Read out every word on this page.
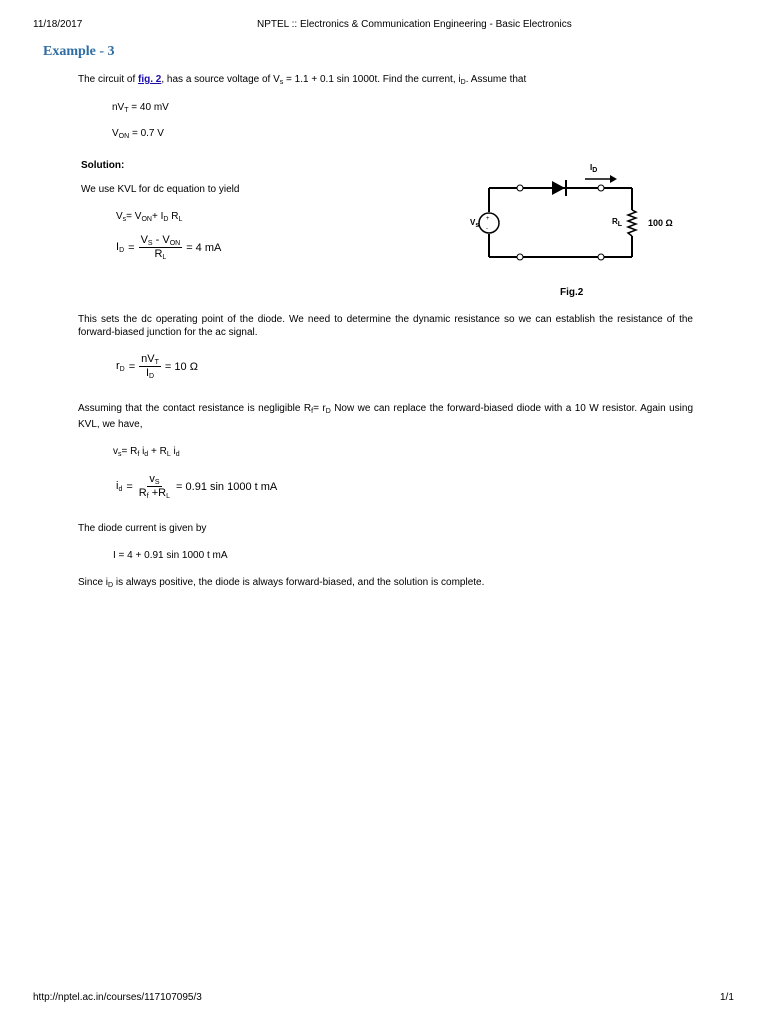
11/18/2017	NPTEL :: Electronics & Communication Engineering - Basic Electronics
Example - 3
The circuit of fig. 2, has a source voltage of $V_s = 1.1 + 0.1$ sin 1000t. Find the current, $i_D$. Assume that
$nV_T = 40$ mV
$V_{ON} = 0.7$ V
Solution:
We use KVL for dc equation to yield
$V_s= V_{ON}+ I_D$ $R_L$
$I_D = \frac{V_S - V_{ON}}{R_L} = 4$ mA
+
-
$V_s$
$I_D$
$R_L$	100 Ω
Fig.2
This sets the dc operating point of the diode. We need to determine the dynamic resistance so we can establish the resistance of the forward-biased junction for the ac signal.
$r_D = \frac{nV_T}{I_D} = 10$ Ω
Assuming that the contact resistance is negligible $R_f= r_D$ Now we can replace the forward-biased diode with a 10 W resistor. Again using KVL, we have,
$v_s= R_f$ $i_d + R_L$ $i_d$
$i_d = \frac{v_S}{R_f +R_L} = 0.91$ sin 1000 t mA
The diode current is given by
I = 4 + 0.91 sin 1000 t mA
Since $i_D$ is always positive, the diode is always forward-biased, and the solution is complete.
http://nptel.ac.in/courses/117107095/3	1/1
